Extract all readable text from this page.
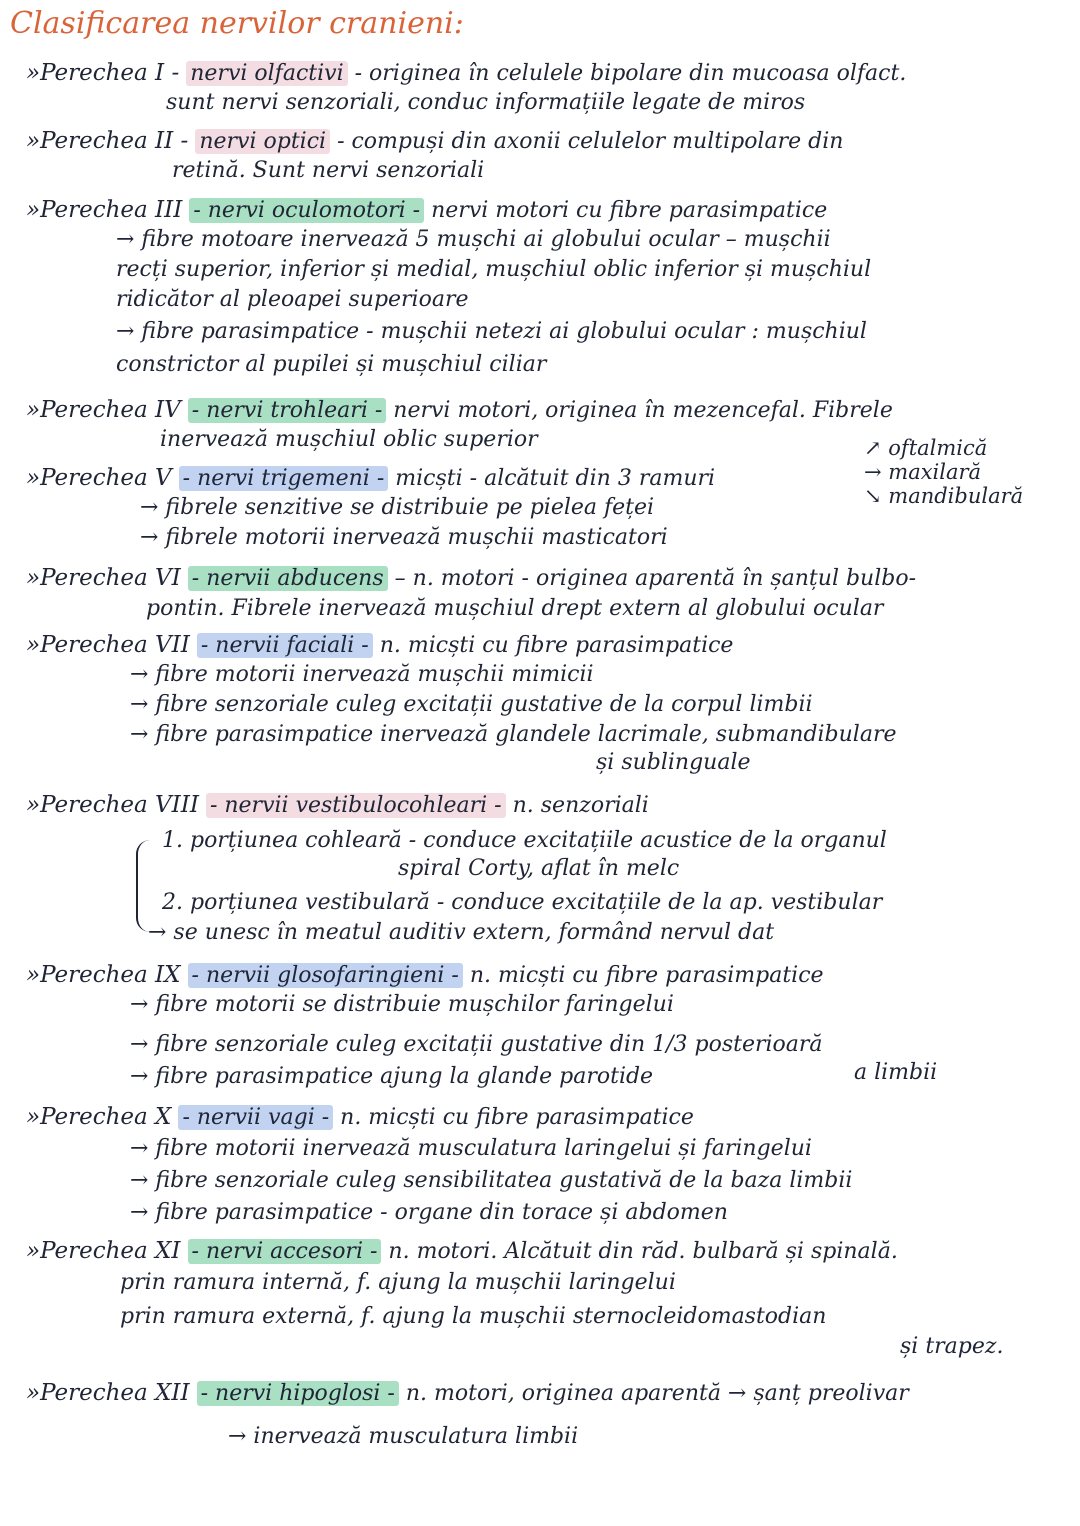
Clasificarea nervilor cranieni:
»Perechea I - nervi olfactivi - originea în celulele bipolare din mucoasa olfact.
sunt nervi senzoriali, conduc informațiile legate de miros
»Perechea II - nervi optici - compuși din axonii celulelor multipolare din
retină. Sunt nervi senzoriali
»Perechea III - nervi oculomotori - nervi motori cu fibre parasimpatice
→ fibre motoare inervează 5 mușchi ai globului ocular – mușchii
recți superior, inferior și medial, mușchiul oblic inferior și mușchiul
ridicător al pleoapei superioare
→ fibre parasimpatice - mușchii netezi ai globului ocular : mușchiul
constrictor al pupilei și mușchiul ciliar
»Perechea IV - nervi trohleari - nervi motori, originea în mezencefal. Fibrele
inervează mușchiul oblic superior
»Perechea V - nervi trigemeni - micști - alcătuit din 3 ramuri
↗ oftalmică
→ maxilară
↘ mandibulară
→ fibrele senzitive se distribuie pe pielea feței
→ fibrele motorii inervează mușchii masticatori
»Perechea VI - nervii abducens – n. motori - originea aparentă în șanțul bulbo-
pontin. Fibrele inervează mușchiul drept extern al globului ocular
»Perechea VII - nervii faciali - n. micști cu fibre parasimpatice
→ fibre motorii inervează mușchii mimicii
→ fibre senzoriale culeg excitații gustative de la corpul limbii
→ fibre parasimpatice inervează glandele lacrimale, submandibulare
și sublinguale
»Perechea VIII - nervii vestibulocohleari - n. senzoriali
1. porțiunea cohleară - conduce excitațiile acustice de la organul
spiral Corty, aflat în melc
2. porțiunea vestibulară - conduce excitațiile de la ap. vestibular
→ se unesc în meatul auditiv extern, formând nervul dat
»Perechea IX - nervii glosofaringieni - n. micști cu fibre parasimpatice
→ fibre motorii se distribuie mușchilor faringelui
→ fibre senzoriale culeg excitații gustative din 1/3 posterioară
a limbii
→ fibre parasimpatice ajung la glande parotide
»Perechea X - nervii vagi - n. micști cu fibre parasimpatice
→ fibre motorii inervează musculatura laringelui și faringelui
→ fibre senzoriale culeg sensibilitatea gustativă de la baza limbii
→ fibre parasimpatice - organe din torace și abdomen
»Perechea XI - nervi accesori - n. motori. Alcătuit din răd. bulbară și spinală.
prin ramura internă, f. ajung la mușchii laringelui
prin ramura externă, f. ajung la mușchii sternocleidomastodian
și trapez.
»Perechea XII - nervi hipoglosi - n. motori, originea aparentă → șanț preolivar
→ inervează musculatura limbii
